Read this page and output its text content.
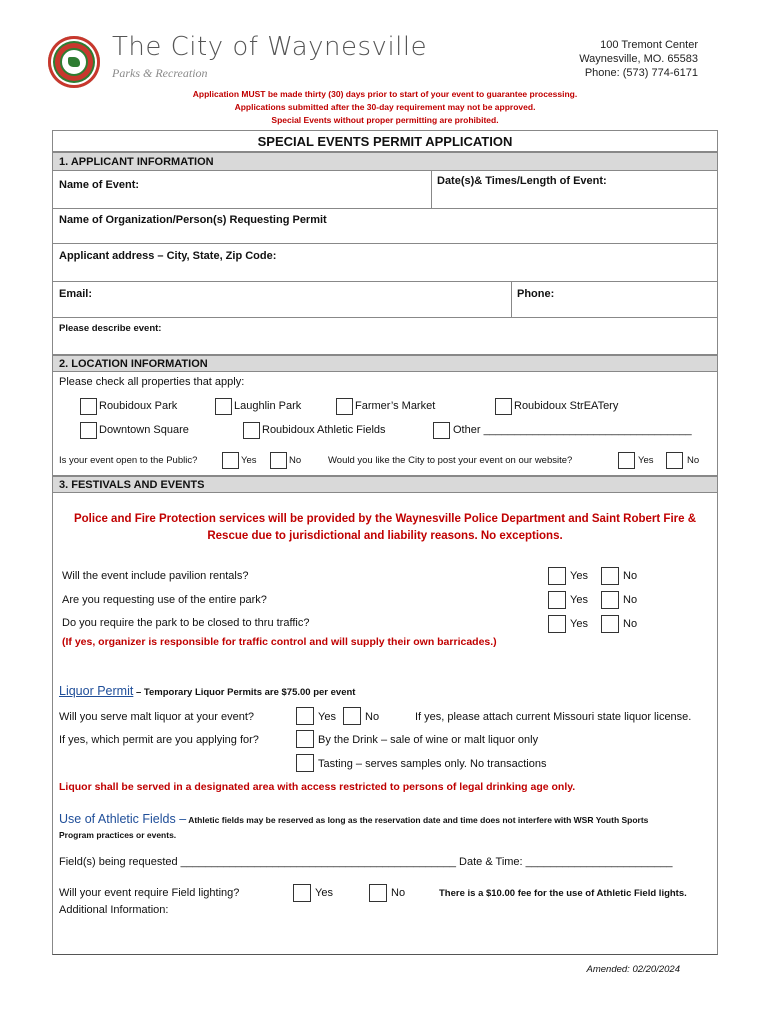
The City of Waynesville
Parks & Recreation
100 Tremont Center
Waynesville, MO. 65583
Phone: (573) 774-6171
Application MUST be made thirty (30) days prior to start of your event to guarantee processing.
Applications submitted after the 30-day requirement may not be approved.
Special Events without proper permitting are prohibited.
SPECIAL EVENTS PERMIT APPLICATION
1. APPLICANT INFORMATION
Name of Event:	Date(s)& Times/Length of Event:
Name of Organization/Person(s) Requesting Permit
Applicant address – City, State, Zip Code:
Email:	Phone:
Please describe event:
2. LOCATION INFORMATION
Please check all properties that apply:
Roubidoux Park	Laughlin Park	Farmer’s Market	Roubidoux StrEATery
Downtown Square	Roubidoux Athletic Fields	Other __________________________________
Is your event open to the Public?	Yes	No	Would you like the City to post your event on our website?	Yes	No
3. FESTIVALS AND EVENTS
Police and Fire Protection services will be provided by the Waynesville Police Department and Saint Robert Fire & Rescue due to jurisdictional and liability reasons. No exceptions.
Will the event include pavilion rentals?	Yes	No
Are you requesting use of the entire park?	Yes	No
Do you require the park to be closed to thru traffic?	Yes	No
(If yes, organizer is responsible for traffic control and will supply their own barricades.)
Liquor Permit – Temporary Liquor Permits are $75.00 per event
Will you serve malt liquor at your event?	Yes	No	If yes, please attach current Missouri state liquor license.
If yes, which permit are you applying for?	By the Drink – sale of wine or malt liquor only
Tasting – serves samples only. No transactions
Liquor shall be served in a designated area with access restricted to persons of legal drinking age only.
Use of Athletic Fields – Athletic fields may be reserved as long as the reservation date and time does not interfere with WSR Youth Sports
Program practices or events.
Field(s) being requested _____________________________________________ Date & Time: ________________________
Will your event require Field lighting?	Yes	No	There is a $10.00 fee for the use of Athletic Field lights.
Additional Information:
Amended: 02/20/2024
